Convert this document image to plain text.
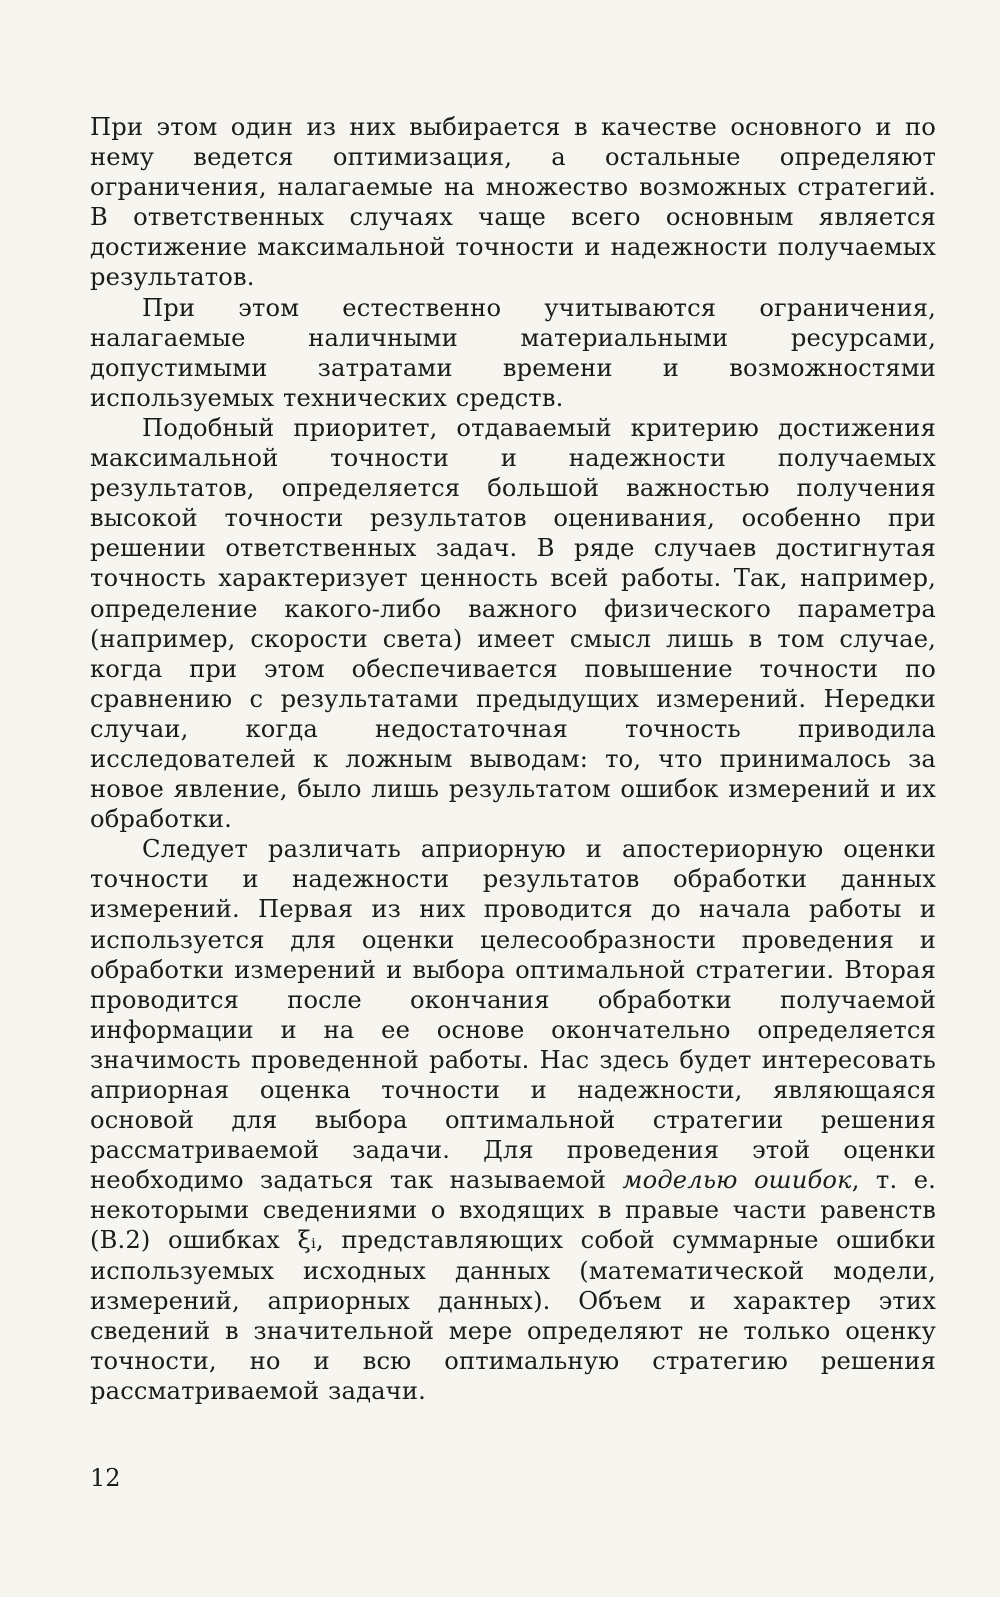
При этом один из них выбирается в качестве основного и по нему ведется оптимизация, а остальные определяют ограничения, налагаемые на множество возможных стратегий. В ответственных случаях чаще всего основным является достижение максимальной точности и надежности получаемых результатов.

При этом естественно учитываются ограничения, налагаемые наличными материальными ресурсами, допустимыми затратами времени и возможностями используемых технических средств.

Подобный приоритет, отдаваемый критерию достижения максимальной точности и надежности получаемых результатов, определяется большой важностью получения высокой точности результатов оценивания, особенно при решении ответственных задач. В ряде случаев достигнутая точность характеризует ценность всей работы. Так, например, определение какого-либо важного физического параметра (например, скорости света) имеет смысл лишь в том случае, когда при этом обеспечивается повышение точности по сравнению с результатами предыдущих измерений. Нередки случаи, когда недостаточная точность приводила исследователей к ложным выводам: то, что принималось за новое явление, было лишь результатом ошибок измерений и их обработки.

Следует различать априорную и апостериорную оценки точности и надежности результатов обработки данных измерений. Первая из них проводится до начала работы и используется для оценки целесообразности проведения и обработки измерений и выбора оптимальной стратегии. Вторая проводится после окончания обработки получаемой информации и на ее основе окончательно определяется значимость проведенной работы. Нас здесь будет интересовать априорная оценка точности и надежности, являющаяся основой для выбора оптимальной стратегии решения рассматриваемой задачи. Для проведения этой оценки необходимо задаться так называемой моделью ошибок, т. е. некоторыми сведениями о входящих в правые части равенств (В.2) ошибках ξᵢ, представляющих собой суммарные ошибки используемых исходных данных (математической модели, измерений, априорных данных). Объем и характер этих сведений в значительной мере определяют не только оценку точности, но и всю оптимальную стратегию решения рассматриваемой задачи.

12
